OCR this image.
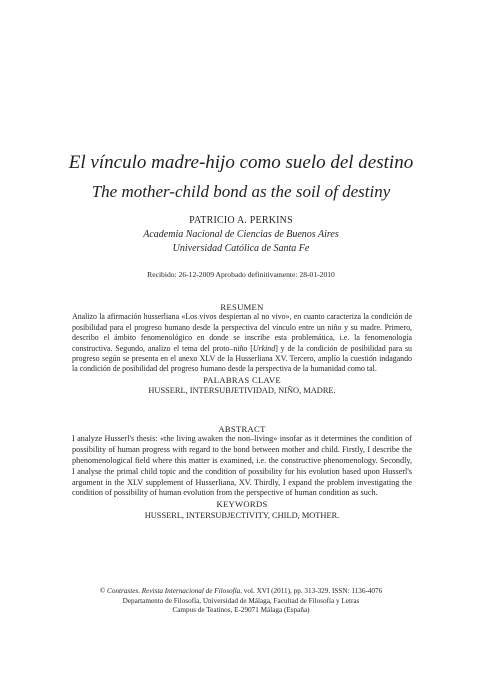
El vínculo madre-hijo como suelo del destino
The mother-child bond as the soil of destiny
PATRICIO A. PERKINS
Academia Nacional de Ciencias de Buenos Aires
Universidad Católica de Santa Fe
Recibido: 26-12-2009 Aprobado definitivamente: 28-01-2010
RESUMEN
Analizo la afirmación husserliana «Los vivos despiertan al no vivo», en cuanto caracteriza la condición de posibilidad para el progreso humano desde la perspectiva del vínculo entre un niño y su madre. Primero, describo el ámbito fenomenológico en donde se inscribe esta problemática, i.e. la fenomenología constructiva. Segundo, analizo el tema del proto–niño [Urkind] y de la condición de posibilidad para su progreso según se presenta en el anexo XLV de la Husserliana XV. Tercero, amplío la cuestión indagando la condición de posibilidad del progreso humano desde la perspectiva de la humanidad como tal.
PALABRAS CLAVE
HUSSERL, INTERSUBJETIVIDAD, NIÑO, MADRE.
ABSTRACT
I analyze Husserl's thesis: «the living awaken the non–living» insofar as it determines the condition of possibility of human progress with regard to the bond between mother and child. Firstly, I describe the phenomenological field where this matter is examined, i.e. the constructive phenomenology. Secondly, I analyse the primal child topic and the condition of possibility for his evolution based upon Husserl's argument in the XLV supplement of Husserliana, XV. Thirdly, I expand the problem investigating the condition of possibility of human evolution from the perspective of human condition as such.
KEYWORDS
HUSSERL, INTERSUBJECTIVITY, CHILD, MOTHER.
© Contrastes. Revista Internacional de Filosofía, vol. XVI (2011), pp. 313-329. ISSN: 1136-4076
Departamento de Filosofía, Universidad de Málaga, Facultad de Filosofía y Letras
Campus de Teatinos, E-29071 Málaga (España)
